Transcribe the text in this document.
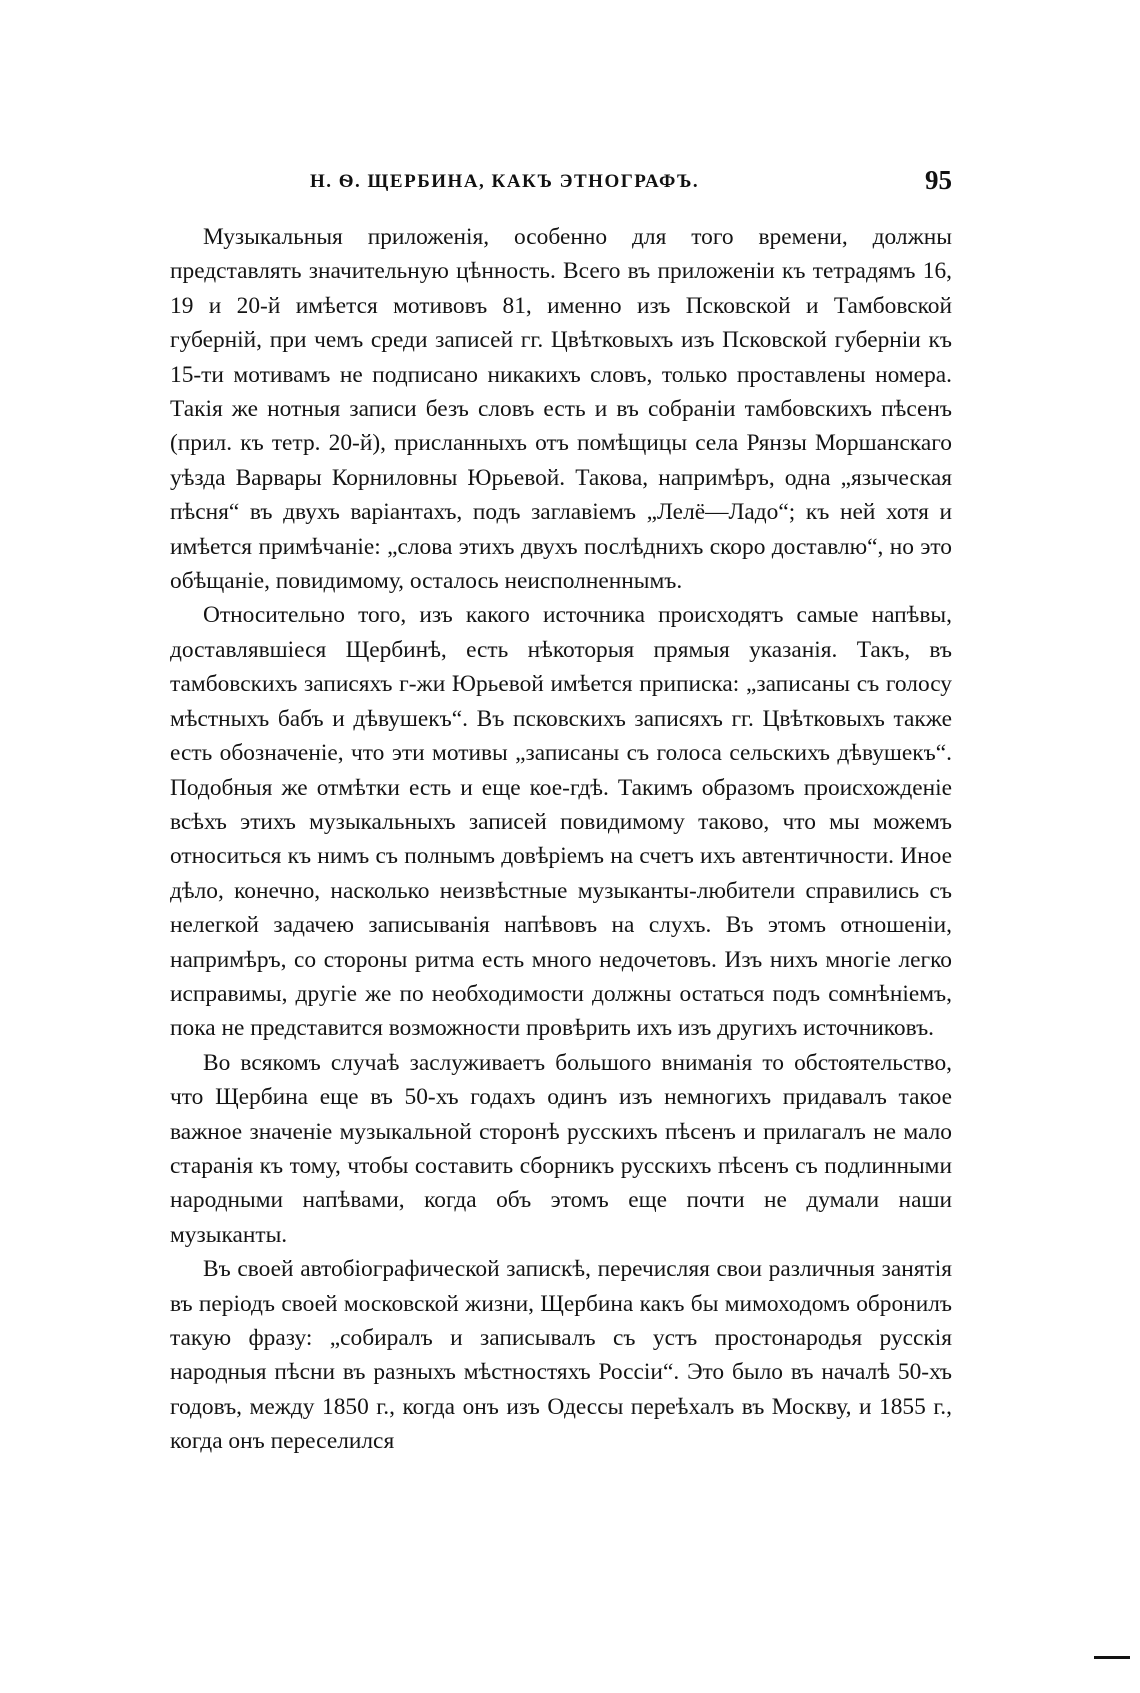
Н. Ѳ. ЩЕРБИНА, КАКЪ ЭТНОГРАФЪ.	95

Музыкальныя приложенія, особенно для того времени, должны представлять значительную цѣнность. Всего въ приложеніи къ тетрадямъ 16, 19 и 20-й имѣется мотивовъ 81, именно изъ Псковской и Тамбовской губерній, при чемъ среди записей гг. Цвѣтковыхъ изъ Псковской губерніи къ 15-ти мотивамъ не подписано никакихъ словъ, только проставлены номера. Такія же нотныя записи безъ словъ есть и въ собраніи тамбовскихъ пѣсенъ (прил. къ тетр. 20-й), присланныхъ отъ помѣщицы села Рянзы Моршанскаго уѣзда Варвары Корниловны Юрьевой. Такова, напримѣръ, одна „языческая пѣсня“ въ двухъ варіантахъ, подъ заглавіемъ „Лелё—Ладо“; къ ней хотя и имѣется примѣчаніе: „слова этихъ двухъ послѣднихъ скоро доставлю“, но это обѣщаніе, повидимому, осталось неисполненнымъ.

Относительно того, изъ какого источника происходятъ самые напѣвы, доставлявшіеся Щербинѣ, есть нѣкоторыя прямыя указанія. Такъ, въ тамбовскихъ записяхъ г-жи Юрьевой имѣется приписка: „записаны съ голосу мѣстныхъ бабъ и дѣвушекъ“. Въ псковскихъ записяхъ гг. Цвѣтковыхъ также есть обозначеніе, что эти мотивы „записаны съ голоса сельскихъ дѣвушекъ“. Подобныя же отмѣтки есть и еще кое-гдѣ. Такимъ образомъ происхожденіе всѣхъ этихъ музыкальныхъ записей повидимому таково, что мы можемъ относиться къ нимъ съ полнымъ довѣріемъ на счетъ ихъ автентичности. Иное дѣло, конечно, насколько неизвѣстные музыканты-любители справились съ нелегкой задачею записыванія напѣвовъ на слухъ. Въ этомъ отношеніи, напримѣръ, со стороны ритма есть много недочетовъ. Изъ нихъ многіе легко исправимы, другіе же по необходимости должны остаться подъ сомнѣніемъ, пока не представится возможности провѣрить ихъ изъ другихъ источниковъ.

Во всякомъ случаѣ заслуживаетъ большого вниманія то обстоятельство, что Щербина еще въ 50-хъ годахъ одинъ изъ немногихъ придавалъ такое важное значеніе музыкальной сторонѣ русскихъ пѣсенъ и прилагалъ не мало старанія къ тому, чтобы составить сборникъ русскихъ пѣсенъ съ подлинными народными напѣвами, когда объ этомъ еще почти не думали наши музыканты.

Въ своей автобіографической запискѣ, перечисляя свои различныя занятія въ періодъ своей московской жизни, Щербина какъ бы мимоходомъ обронилъ такую фразу: „собиралъ и записывалъ съ устъ простонародья русскія народныя пѣсни въ разныхъ мѣстностяхъ Россіи“. Это было въ началѣ 50-хъ годовъ, между 1850 г., когда онъ изъ Одессы переѣхалъ въ Москву, и 1855 г., когда онъ переселился
